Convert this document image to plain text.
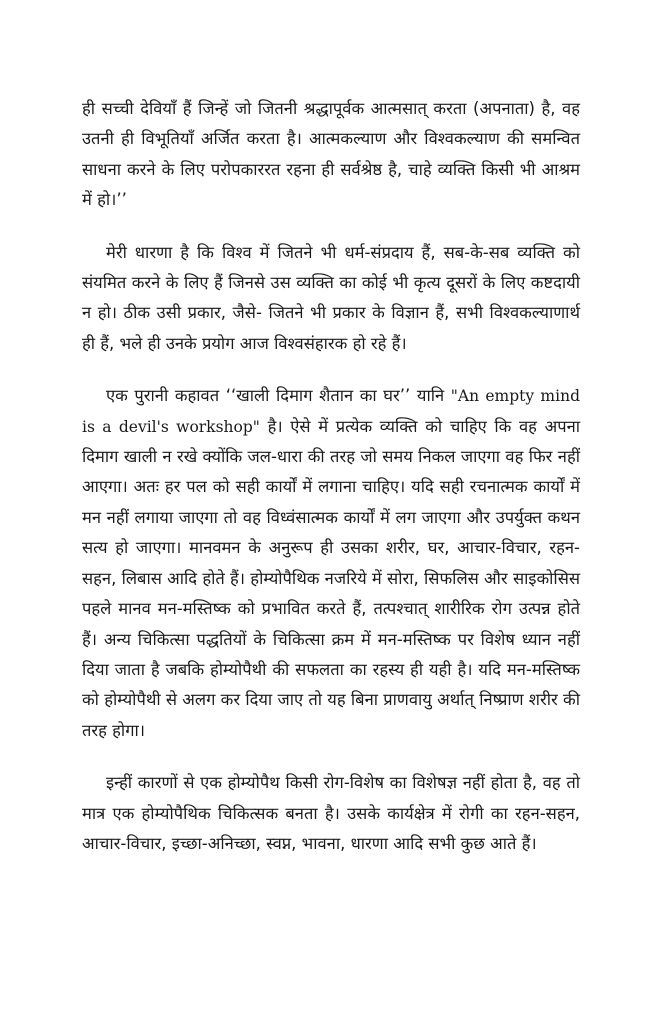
ही सच्ची देवियाँ हैं जिन्हें जो जितनी श्रद्धापूर्वक आत्मसात् करता (अपनाता) है, वह उतनी ही विभूतियाँ अर्जित करता है। आत्मकल्याण और विश्वकल्याण की समन्वित साधना करने के लिए परोपकाररत रहना ही सर्वश्रेष्ठ है, चाहे व्यक्ति किसी भी आश्रम में हो।’’

मेरी धारणा है कि विश्व में जितने भी धर्म-संप्रदाय हैं, सब-के-सब व्यक्ति को संयमित करने के लिए हैं जिनसे उस व्यक्ति का कोई भी कृत्य दूसरों के लिए कष्टदायी न हो। ठीक उसी प्रकार, जैसे- जितने भी प्रकार के विज्ञान हैं, सभी विश्वकल्याणार्थ ही हैं, भले ही उनके प्रयोग आज विश्वसंहारक हो रहे हैं।

एक पुरानी कहावत ‘‘खाली दिमाग शैतान का घर’’ यानि "An empty mind is a devil's workshop" है। ऐसे में प्रत्येक व्यक्ति को चाहिए कि वह अपना दिमाग खाली न रखे क्योंकि जल-धारा की तरह जो समय निकल जाएगा वह फिर नहीं आएगा। अतः हर पल को सही कार्यों में लगाना चाहिए। यदि सही रचनात्मक कार्यों में मन नहीं लगाया जाएगा तो वह विध्वंसात्मक कार्यों में लग जाएगा और उपर्युक्त कथन सत्य हो जाएगा। मानवमन के अनुरूप ही उसका शरीर, घर, आचार-विचार, रहन-सहन, लिबास आदि होते हैं। होम्योपैथिक नजरिये में सोरा, सिफलिस और साइकोसिस पहले मानव मन-मस्तिष्क को प्रभावित करते हैं, तत्पश्चात् शारीरिक रोग उत्पन्न होते हैं। अन्य चिकित्सा पद्धतियों के चिकित्सा क्रम में मन-मस्तिष्क पर विशेष ध्यान नहीं दिया जाता है जबकि होम्योपैथी की सफलता का रहस्य ही यही है। यदि मन-मस्तिष्क को होम्योपैथी से अलग कर दिया जाए तो यह बिना प्राणवायु अर्थात् निष्प्राण शरीर की तरह होगा।

इन्हीं कारणों से एक होम्योपैथ किसी रोग-विशेष का विशेषज्ञ नहीं होता है, वह तो मात्र एक होम्योपैथिक चिकित्सक बनता है। उसके कार्यक्षेत्र में रोगी का रहन-सहन, आचार-विचार, इच्छा-अनिच्छा, स्वप्न, भावना, धारणा आदि सभी कुछ आते हैं।
